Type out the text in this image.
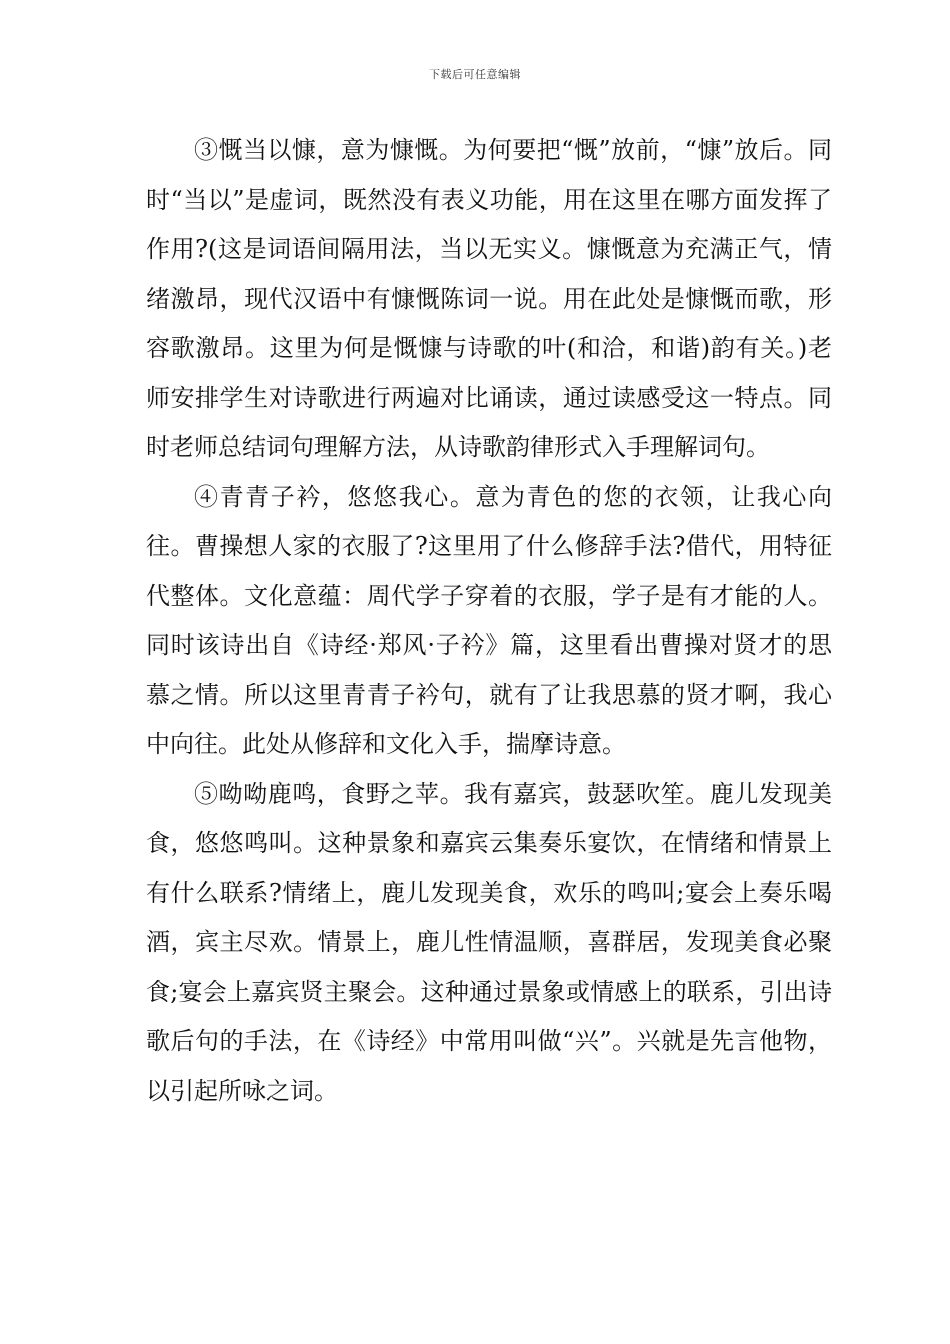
下载后可任意编辑

③慨当以慷，意为慷慨。为何要把“慨”放前，“慷”放后。同时“当以”是虚词，既然没有表义功能，用在这里在哪方面发挥了作用?(这是词语间隔用法，当以无实义。慷慨意为充满正气，情绪激昂，现代汉语中有慷慨陈词一说。用在此处是慷慨而歌，形容歌激昂。这里为何是慨慷与诗歌的叶(和洽，和谐)韵有关。)老师安排学生对诗歌进行两遍对比诵读，通过读感受这一特点。同时老师总结词句理解方法，从诗歌韵律形式入手理解词句。

④青青子衿，悠悠我心。意为青色的您的衣领，让我心向往。曹操想人家的衣服了?这里用了什么修辞手法?借代，用特征代整体。文化意蕴：周代学子穿着的衣服，学子是有才能的人。同时该诗出自《诗经·郑风·子衿》篇，这里看出曹操对贤才的思慕之情。所以这里青青子衿句，就有了让我思慕的贤才啊，我心中向往。此处从修辞和文化入手，揣摩诗意。

⑤呦呦鹿鸣，食野之苹。我有嘉宾，鼓瑟吹笙。鹿儿发现美食，悠悠鸣叫。这种景象和嘉宾云集奏乐宴饮，在情绪和情景上有什么联系?情绪上，鹿儿发现美食，欢乐的鸣叫;宴会上奏乐喝酒，宾主尽欢。情景上，鹿儿性情温顺，喜群居，发现美食必聚食;宴会上嘉宾贤主聚会。这种通过景象或情感上的联系，引出诗歌后句的手法，在《诗经》中常用叫做“兴”。兴就是先言他物，以引起所咏之词。
